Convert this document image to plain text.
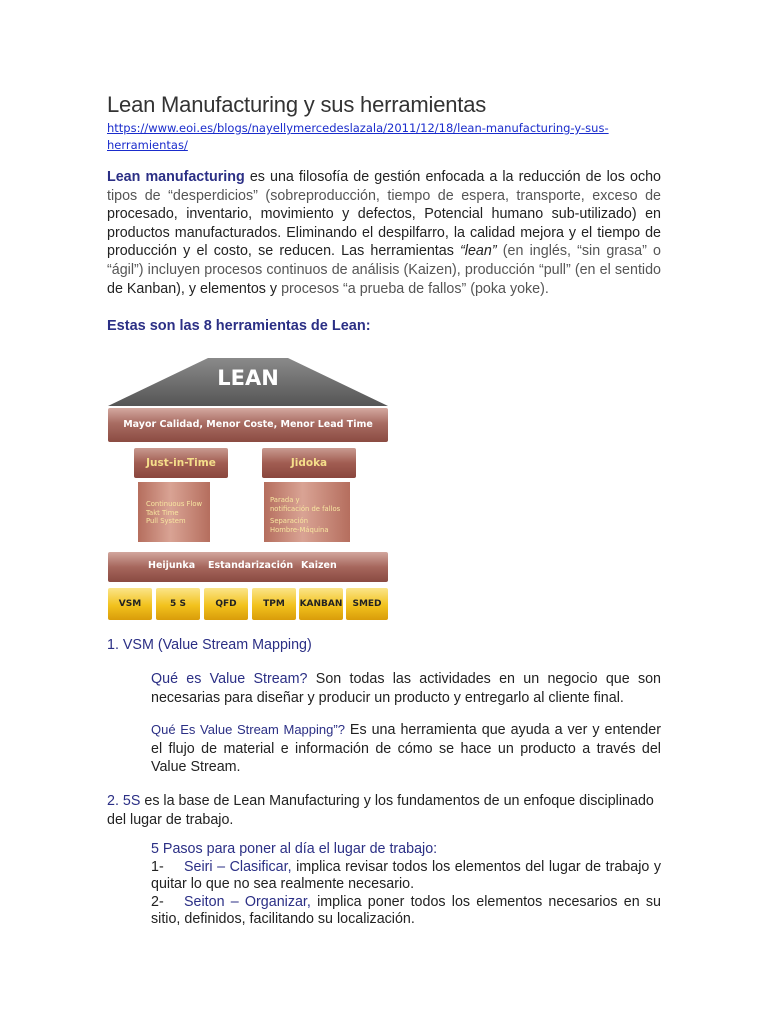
Lean Manufacturing y sus herramientas
https://www.eoi.es/blogs/nayellymercedeslazala/2011/12/18/lean-manufacturing-y-sus-
herramientas/
Lean manufacturing es una filosofía de gestión enfocada a la reducción de los ocho tipos de “desperdicios” (sobreproducción, tiempo de espera, transporte, exceso de procesado, inventario, movimiento y defectos, Potencial humano sub-utilizado) en productos manufacturados. Eliminando el despilfarro, la calidad mejora y el tiempo de producción y el costo, se reducen. Las herramientas “lean” (en inglés, “sin grasa” o “ágil”) incluyen procesos continuos de análisis (Kaizen), producción “pull” (en el sentido de Kanban), y elementos y procesos “a prueba de fallos” (poka yoke).
Estas son las 8 herramientas de Lean:
LEAN
Mayor Calidad, Menor Coste, Menor Lead Time
Just-in-Time	Jidoka

Continuous Flow

Takt Time

Pull System

Parada y

notificación de fallos

Separación

Hombre-Máquina

Heijunka Estandarización Kaizen
VSM	5 S	QFD	TPM	KANBAN	SMED
1. VSM (Value Stream Mapping)
Qué es Value Stream? Son todas las actividades en un negocio que son necesarias para diseñar y producir un producto y entregarlo al cliente final.
Qué Es Value Stream Mapping”? Es una herramienta que ayuda a ver y entender el flujo de material e información de cómo se hace un producto a través del Value Stream.
2. 5S es la base de Lean Manufacturing y los fundamentos de un enfoque disciplinado del lugar de trabajo.
5 Pasos para poner al día el lugar de trabajo:
1- Seiri – Clasificar, implica revisar todos los elementos del lugar de trabajo y quitar lo que no sea realmente necesario.
2- Seiton – Organizar, implica poner todos los elementos necesarios en su sitio, definidos, facilitando su localización.
